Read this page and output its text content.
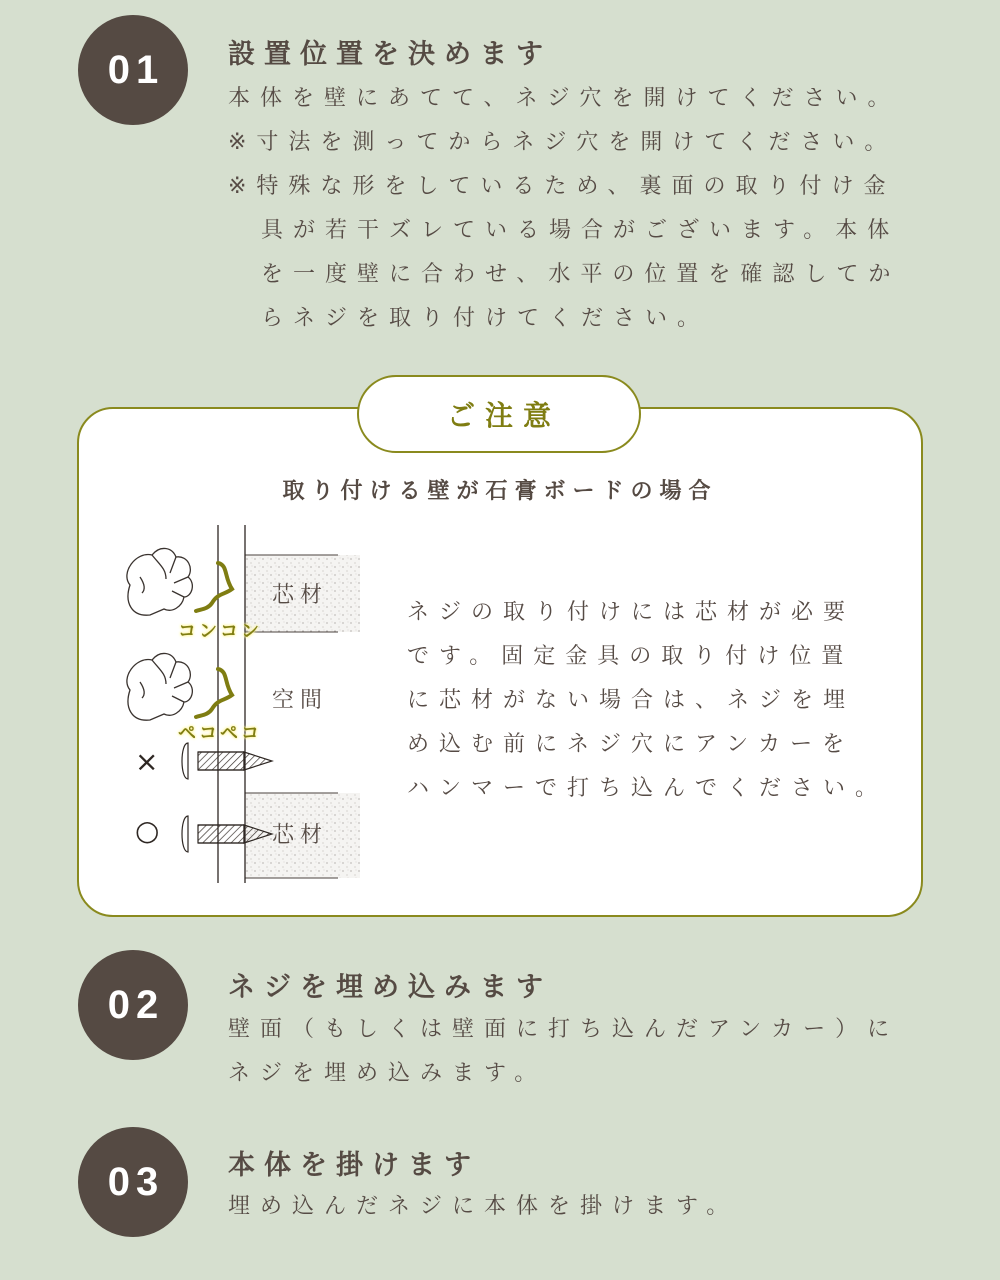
01	設置位置を決めます
本体を壁にあてて、ネジ穴を開けてください。
※寸法を測ってからネジ穴を開けてください。
※特殊な形をしているため、裏面の取り付け金
具が若干ズレている場合がございます。本体
を一度壁に合わせ、水平の位置を確認してか
らネジを取り付けてください。
ご注意
取り付ける壁が石膏ボードの場合
芯材
コンコン
空間
ペコペコ
×
○	芯材
ネジの取り付けには芯材が必要
です。固定金具の取り付け位置
に芯材がない場合は、ネジを埋
め込む前にネジ穴にアンカーを
ハンマーで打ち込んでください。
02	ネジを埋め込みます
壁面（もしくは壁面に打ち込んだアンカー）に
ネジを埋め込みます。
03	本体を掛けます
埋め込んだネジに本体を掛けます。
